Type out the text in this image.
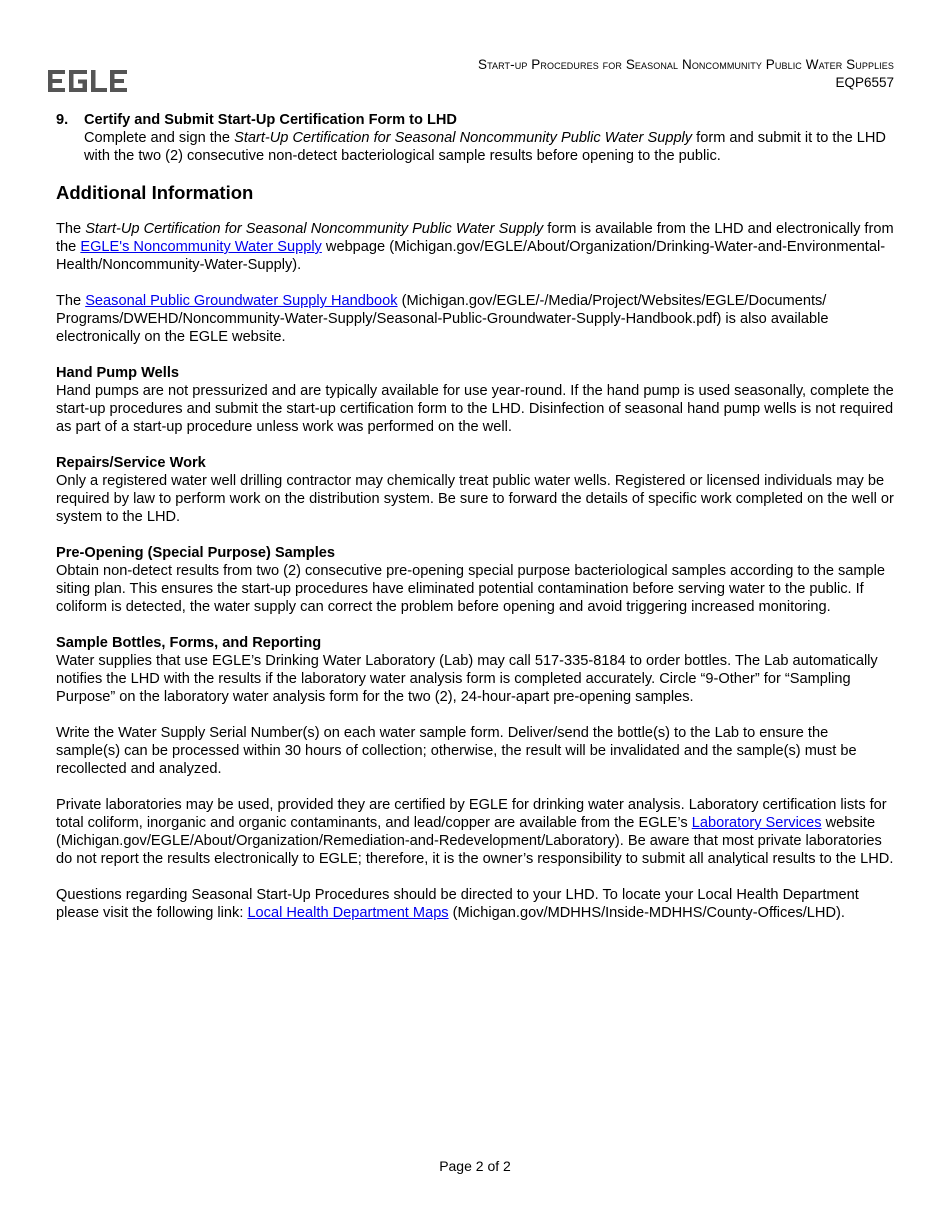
Start-up Procedures for Seasonal Noncommunity Public Water Supplies
EQP6557
9.	Certify and Submit Start-Up Certification Form to LHD
Complete and sign the Start-Up Certification for Seasonal Noncommunity Public Water Supply form and submit it to the LHD with the two (2) consecutive non-detect bacteriological sample results before opening to the public.
Additional Information

The Start-Up Certification for Seasonal Noncommunity Public Water Supply form is available from the LHD and electronically from the EGLE's Noncommunity Water Supply webpage (Michigan.gov/EGLE/About/Organization/Drinking-Water-and-Environmental-Health/Noncommunity-Water-Supply).

The Seasonal Public Groundwater Supply Handbook (Michigan.gov/EGLE/-/Media/Project/Websites/EGLE/Documents/ Programs/DWEHD/Noncommunity-Water-Supply/Seasonal-Public-Groundwater-Supply-Handbook.pdf) is also available electronically on the EGLE website.

Hand Pump Wells
Hand pumps are not pressurized and are typically available for use year-round. If the hand pump is used seasonally, complete the start-up procedures and submit the start-up certification form to the LHD. Disinfection of seasonal hand pump wells is not required as part of a start-up procedure unless work was performed on the well.

Repairs/Service Work
Only a registered water well drilling contractor may chemically treat public water wells. Registered or licensed individuals may be required by law to perform work on the distribution system. Be sure to forward the details of specific work completed on the well or system to the LHD.

Pre-Opening (Special Purpose) Samples
Obtain non-detect results from two (2) consecutive pre-opening special purpose bacteriological samples according to the sample siting plan. This ensures the start-up procedures have eliminated potential contamination before serving water to the public. If coliform is detected, the water supply can correct the problem before opening and avoid triggering increased monitoring.

Sample Bottles, Forms, and Reporting
Water supplies that use EGLE’s Drinking Water Laboratory (Lab) may call 517-335-8184 to order bottles. The Lab automatically notifies the LHD with the results if the laboratory water analysis form is completed accurately. Circle “9-Other” for “Sampling Purpose” on the laboratory water analysis form for the two (2), 24-hour-apart pre-opening samples.

Write the Water Supply Serial Number(s) on each water sample form. Deliver/send the bottle(s) to the Lab to ensure the sample(s) can be processed within 30 hours of collection; otherwise, the result will be invalidated and the sample(s) must be recollected and analyzed.

Private laboratories may be used, provided they are certified by EGLE for drinking water analysis. Laboratory certification lists for total coliform, inorganic and organic contaminants, and lead/copper are available from the EGLE’s Laboratory Services website (Michigan.gov/EGLE/About/Organization/Remediation-and-Redevelopment/Laboratory). Be aware that most private laboratories do not report the results electronically to EGLE; therefore, it is the owner’s responsibility to submit all analytical results to the LHD.

Questions regarding Seasonal Start-Up Procedures should be directed to your LHD. To locate your Local Health Department please visit the following link: Local Health Department Maps (Michigan.gov/MDHHS/Inside-MDHHS/County-Offices/LHD).

Page 2 of 2
